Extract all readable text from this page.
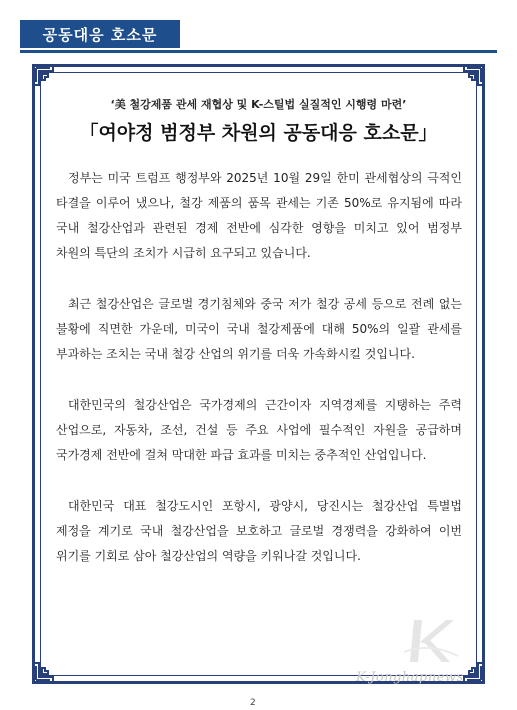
공동대응 호소문
‘美 철강제품 관세 재협상 및 K-스틸법 실질적인 시행령 마련’
「여야정 범정부 차원의 공동대응 호소문」

정부는 미국 트럼프 행정부와 2025년 10월 29일 한미 관세협상의 극적인 타결을 이루어 냈으나, 철강 제품의 품목 관세는 기존 50%로 유지됨에 따라 국내 철강산업과 관련된 경제 전반에 심각한 영향을 미치고 있어 범정부 차원의 특단의 조치가 시급히 요구되고 있습니다.

최근 철강산업은 글로벌 경기침체와 중국 저가 철강 공세 등으로 전례 없는 불황에 직면한 가운데, 미국이 국내 철강제품에 대해 50%의 일괄 관세를 부과하는 조치는 국내 철강 산업의 위기를 더욱 가속화시킬 것입니다.

대한민국의 철강산업은 국가경제의 근간이자 지역경제를 지탱하는 주력 산업으로, 자동차, 조선, 건설 등 주요 사업에 필수적인 자원을 공급하며 국가경제 전반에 걸쳐 막대한 파급 효과를 미치는 중추적인 산업입니다.

대한민국 대표 철강도시인 포항시, 광양시, 당진시는 철강산업 특별법 제정을 계기로 국내 철강산업을 보호하고 글로벌 경쟁력을 강화하여 이번 위기를 기회로 삼아 철강산업의 역량을 키워나갈 것입니다.

2
K-Jonghapnews
